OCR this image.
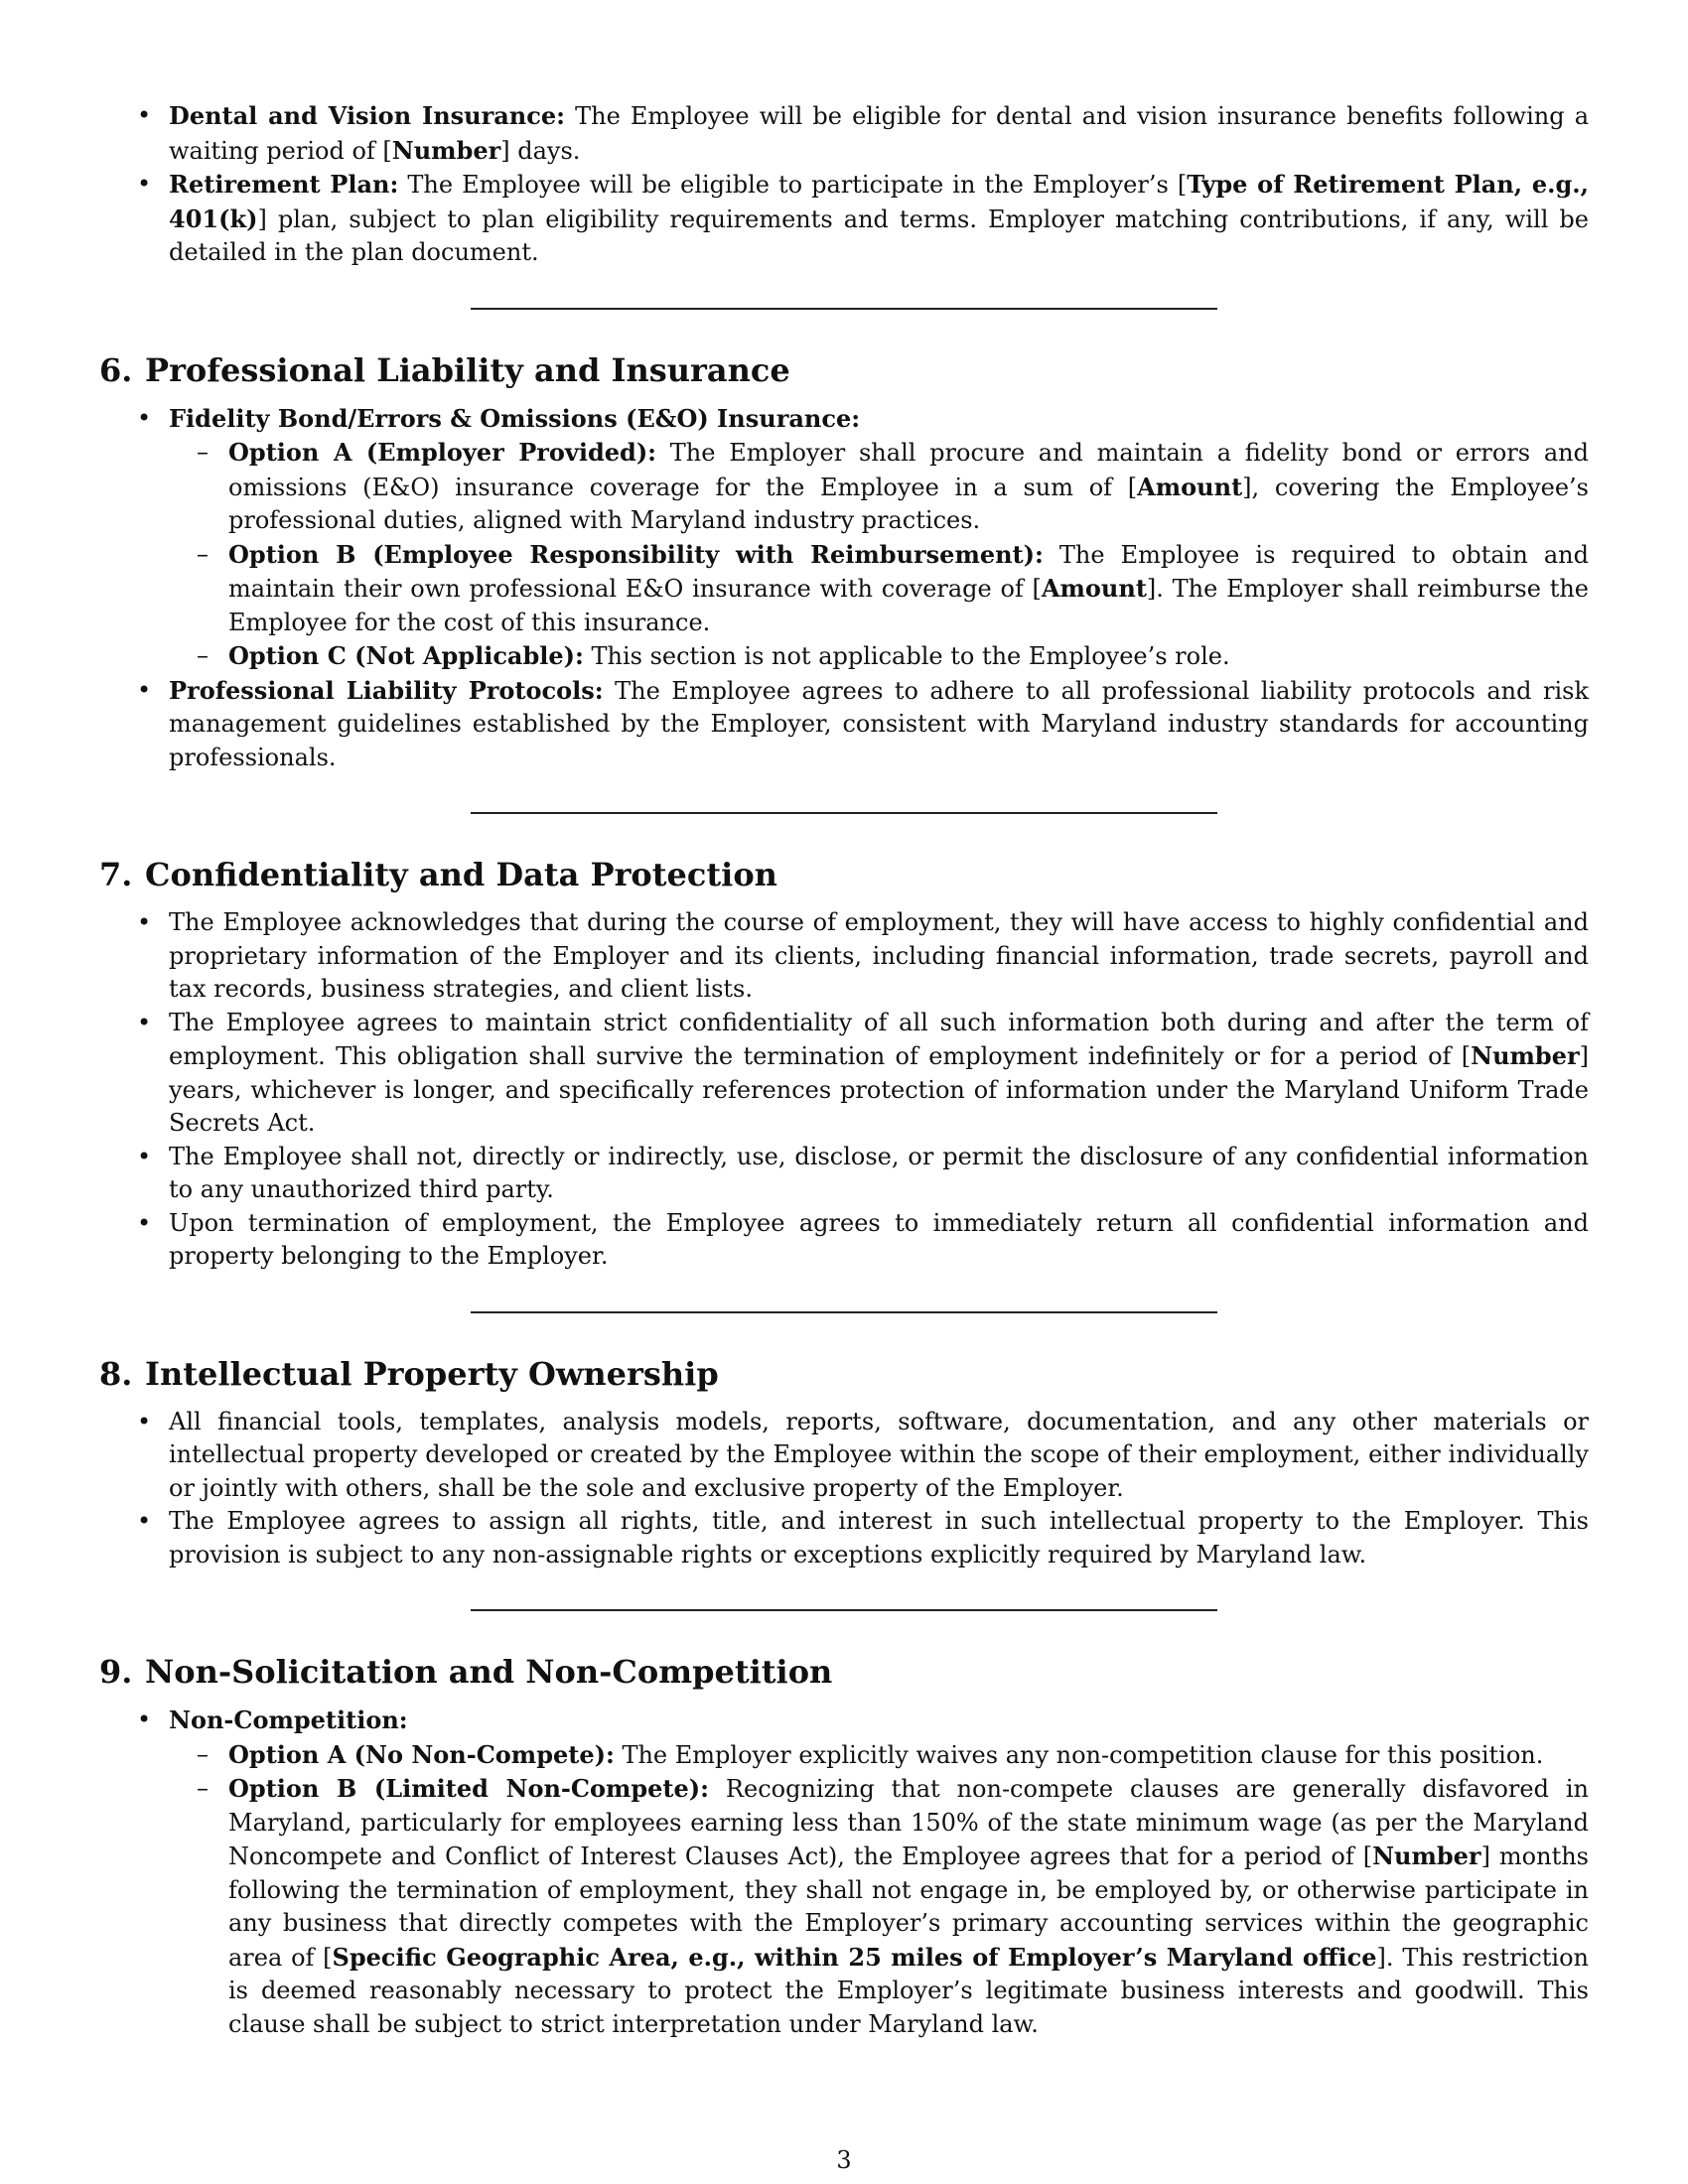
• Dental and Vision Insurance: The Employee will be eligible for dental and vision insurance benefits following a waiting period of [Number] days.
• Retirement Plan: The Employee will be eligible to participate in the Employer’s [Type of Retirement Plan, e.g., 401(k)] plan, subject to plan eligibility requirements and terms. Employer matching contributions, if any, will be detailed in the plan document.
6. Professional Liability and Insurance
• Fidelity Bond/Errors & Omissions (E&O) Insurance:
– Option A (Employer Provided): The Employer shall procure and maintain a fidelity bond or errors and omissions (E&O) insurance coverage for the Employee in a sum of [Amount], covering the Employee’s professional duties, aligned with Maryland industry practices.
– Option B (Employee Responsibility with Reimbursement): The Employee is required to obtain and maintain their own professional E&O insurance with coverage of [Amount]. The Employer shall reimburse the Employee for the cost of this insurance.
– Option C (Not Applicable): This section is not applicable to the Employee’s role.
• Professional Liability Protocols: The Employee agrees to adhere to all professional liability protocols and risk management guidelines established by the Employer, consistent with Maryland industry standards for accounting professionals.
7. Confidentiality and Data Protection
• The Employee acknowledges that during the course of employment, they will have access to highly confidential and proprietary information of the Employer and its clients, including financial information, trade secrets, payroll and tax records, business strategies, and client lists.
• The Employee agrees to maintain strict confidentiality of all such information both during and after the term of employment. This obligation shall survive the termination of employment indefinitely or for a period of [Number] years, whichever is longer, and specifically references protection of information under the Maryland Uniform Trade Secrets Act.
• The Employee shall not, directly or indirectly, use, disclose, or permit the disclosure of any confidential information to any unauthorized third party.
• Upon termination of employment, the Employee agrees to immediately return all confidential information and property belonging to the Employer.
8. Intellectual Property Ownership
• All financial tools, templates, analysis models, reports, software, documentation, and any other materials or intellectual property developed or created by the Employee within the scope of their employment, either individually or jointly with others, shall be the sole and exclusive property of the Employer.
• The Employee agrees to assign all rights, title, and interest in such intellectual property to the Employer. This provision is subject to any non-assignable rights or exceptions explicitly required by Maryland law.
9. Non-Solicitation and Non-Competition
• Non-Competition:
– Option A (No Non-Compete): The Employer explicitly waives any non-competition clause for this position.
– Option B (Limited Non-Compete): Recognizing that non-compete clauses are generally disfavored in Maryland, particularly for employees earning less than 150% of the state minimum wage (as per the Maryland Noncompete and Conflict of Interest Clauses Act), the Employee agrees that for a period of [Number] months following the termination of employment, they shall not engage in, be employed by, or otherwise participate in any business that directly competes with the Employer’s primary accounting services within the geographic area of [Specific Geographic Area, e.g., within 25 miles of Employer’s Maryland office]. This restriction is deemed reasonably necessary to protect the Employer’s legitimate business interests and goodwill. This clause shall be subject to strict interpretation under Maryland law.
3
